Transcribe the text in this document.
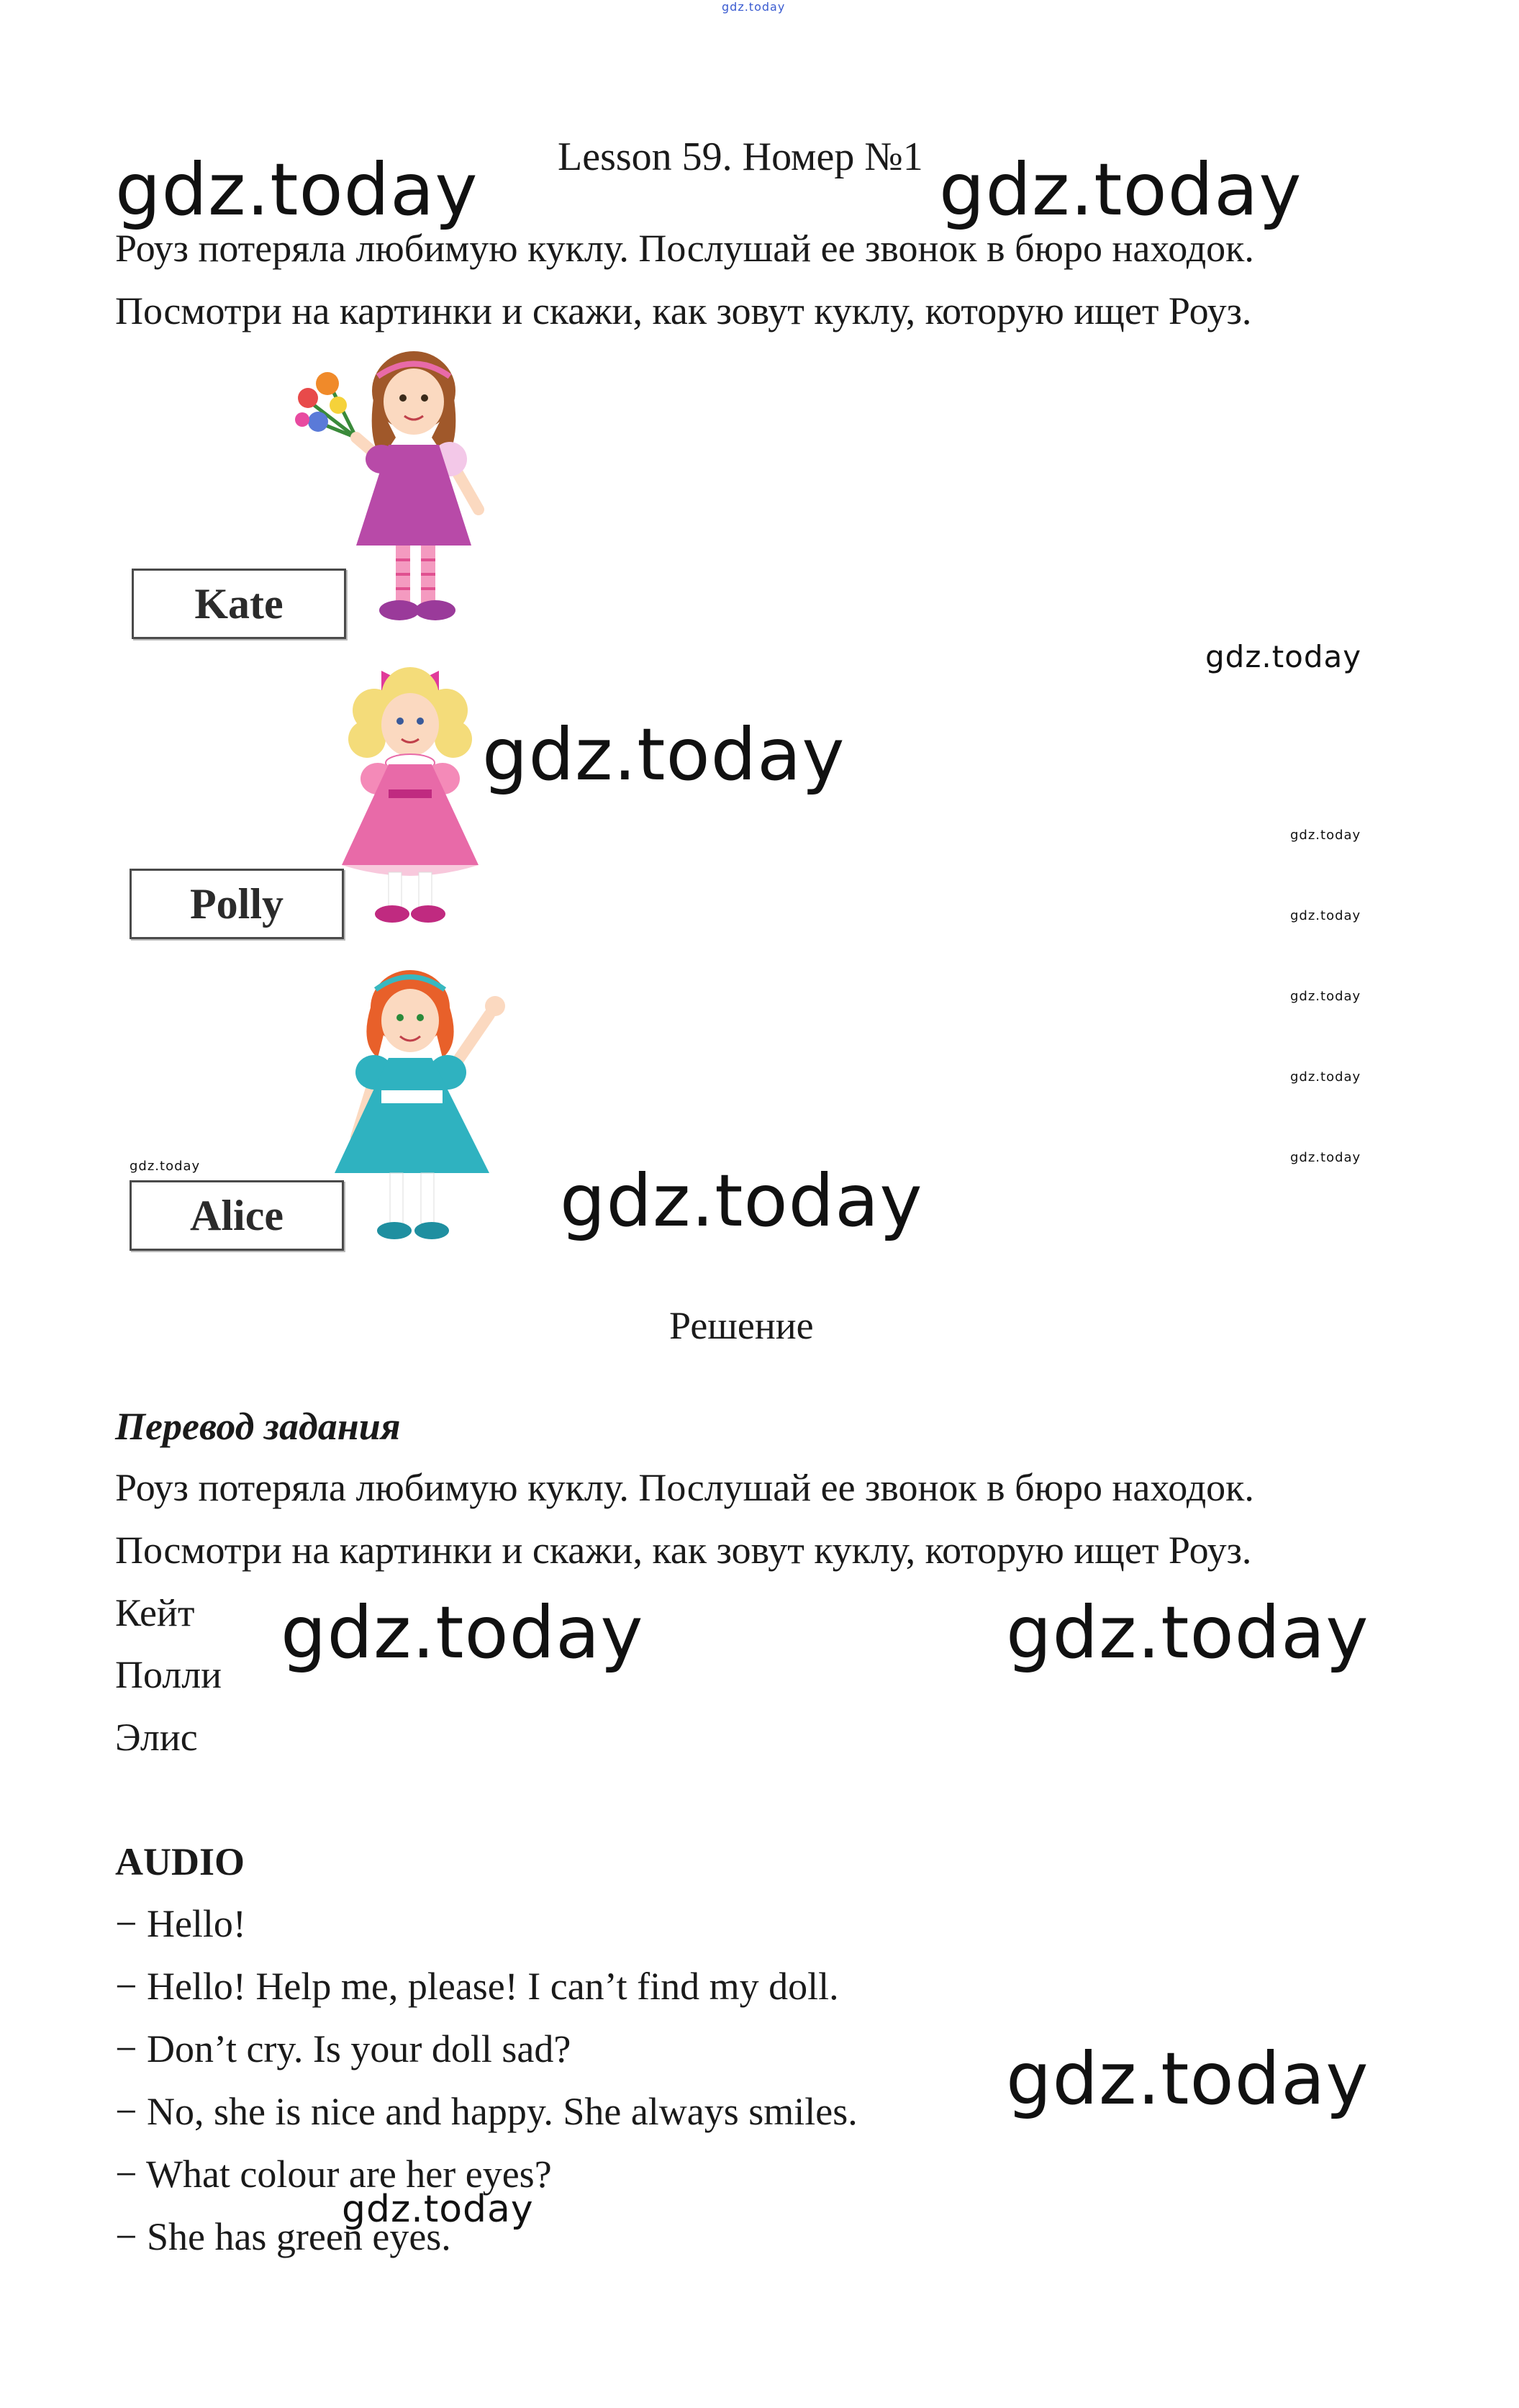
gdz.today
Lesson 59. Номер №1
gdz.today	gdz.today
Роуз потеряла любимую куклу. Послушай ее звонок в бюро находок.
Посмотри на картинки и скажи, как зовут куклу, которую ищет Роуз.
Kate
gdz.today
gdz.today
gdz.today
gdz.today
gdz.today
gdz.today
gdz.today
Polly
gdz.today
Alice	gdz.today
Решение
Перевод задания
Роуз потеряла любимую куклу. Послушай ее звонок в бюро находок.
Посмотри на картинки и скажи, как зовут куклу, которую ищет Роуз.
Кейт
Полли
Элис
gdz.today	gdz.today
AUDIO
− Hello!
− Hello! Help me, please! I can’t find my doll.
− Don’t cry. Is your doll sad?
− No, she is nice and happy. She always smiles.
− What colour are her eyes?
− She has green eyes.
gdz.today
gdz.today
